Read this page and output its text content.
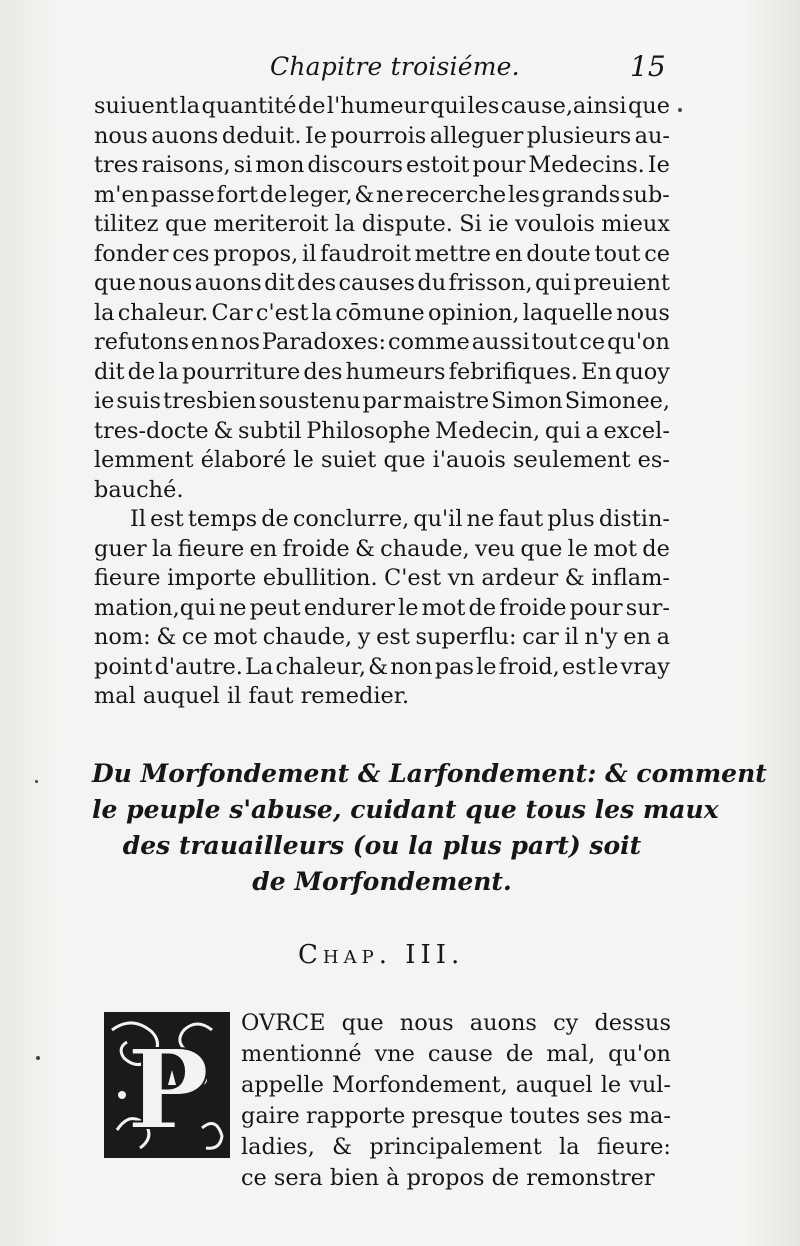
Chapitre troisiéme.	15
suiuent la quantité de l'humeur qui les cause,ainsi que
nous auons deduit. Ie pourrois alleguer plusieurs au-
tres raisons, si mon discours estoit pour Medecins. Ie
m'en passe fort de leger, & ne recerche les grands sub-
tilitez que meriteroit la dispute. Si ie voulois mieux
fonder ces propos, il faudroit mettre en doute tout ce
que nous auons dit des causes du frisson, qui preuient
la chaleur. Car c'est la cōmune opinion, laquelle nous
refutons en nos Paradoxes: comme aussi tout ce qu'on
dit de la pourriture des humeurs febrifiques. En quoy
ie suis tresbien soustenu par maistre Simon Simonee,
tres-docte & subtil Philosophe Medecin, qui a excel-
lemment élaboré le suiet que i'auois seulement es-
bauché.
Il est temps de conclurre, qu'il ne faut plus distin-
guer la fieure en froide & chaude, veu que le mot de
fieure importe ebullition. C'est vn ardeur & inflam-
mation,qui ne peut endurer le mot de froide pour sur-
nom: & ce mot chaude, y est superflu: car il n'y en a
point d'autre. La chaleur, & non pas le froid, est le vray
mal
auquel
il
faut
remedier.
Du Morfondement & Larfondement: & comment
le peuple s'abuse, cuidant que tous les maux
des trauailleurs (ou la plus part) soit
de Morfondement.
Chap. III.
P
OVRCE que nous auons cy dessus
mentionné vne cause de mal, qu'on
appelle Morfondement, auquel le vul-
gaire rapporte presque toutes ses ma-
ladies, & principalement la fieure:
ce
sera
bien
à
propos
de
remonstrer
